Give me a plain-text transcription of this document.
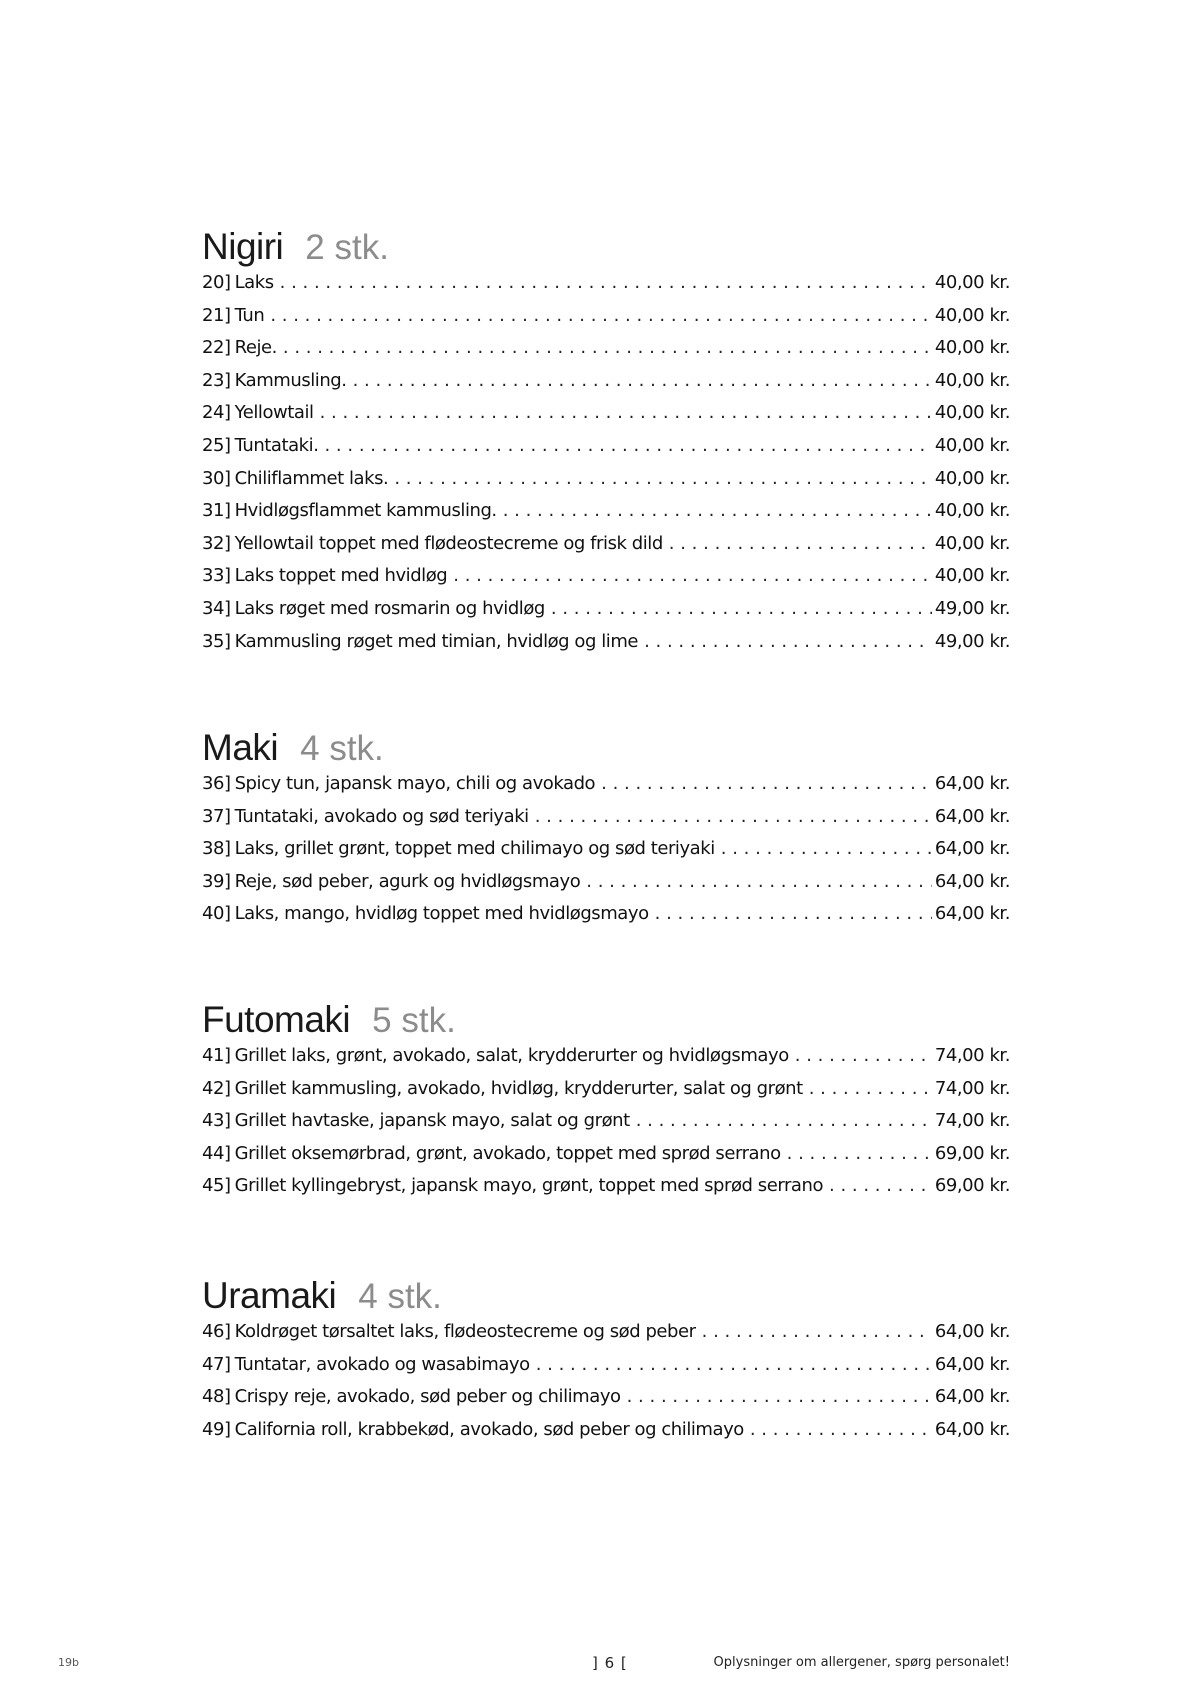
Nigiri 2 stk.
20] Laks . . .	40,00 kr.
21] Tun . . .	40,00 kr.
22] Reje. . . .	40,00 kr.
23] Kammusling. . . .	40,00 kr.
24] Yellowtail . . .	40,00 kr.
25] Tuntataki. . . .	40,00 kr.
30] Chiliflammet laks. . . .	40,00 kr.
31] Hvidløgsflammet kammusling. . . .	40,00 kr.
32] Yellowtail toppet med flødeostecreme og frisk dild . . .	40,00 kr.
33] Laks toppet med hvidløg . . .	40,00 kr.
34] Laks røget med rosmarin og hvidløg . . .	49,00 kr.
35] Kammusling røget med timian, hvidløg og lime . . .	49,00 kr.
Maki 4 stk.
36] Spicy tun, japansk mayo, chili og avokado . . .	64,00 kr.
37] Tuntataki, avokado og sød teriyaki . . .	64,00 kr.
38] Laks, grillet grønt, toppet med chilimayo og sød teriyaki . . .	64,00 kr.
39] Reje, sød peber, agurk og hvidløgsmayo . . .	64,00 kr.
40] Laks, mango, hvidløg toppet med hvidløgsmayo . . .	64,00 kr.
Futomaki 5 stk.
41] Grillet laks, grønt, avokado, salat, krydderurter og hvidløgsmayo . . .	74,00 kr.
42] Grillet kammusling, avokado, hvidløg, krydderurter, salat og grønt . . .	74,00 kr.
43] Grillet havtaske, japansk mayo, salat og grønt . . .	74,00 kr.
44] Grillet oksemørbrad, grønt, avokado, toppet med sprød serrano . . .	69,00 kr.
45] Grillet kyllingebryst, japansk mayo, grønt, toppet med sprød serrano . . .	69,00 kr.
Uramaki 4 stk.
46] Koldrøget tørsaltet laks, flødeostecreme og sød peber . . .	64,00 kr.
47] Tuntatar, avokado og wasabimayo . . .	64,00 kr.
48] Crispy reje, avokado, sød peber og chilimayo . . .	64,00 kr.
49] California roll, krabbekød, avokado, sød peber og chilimayo . . .	64,00 kr.
19b	] 6 [	Oplysninger om allergener, spørg personalet!
